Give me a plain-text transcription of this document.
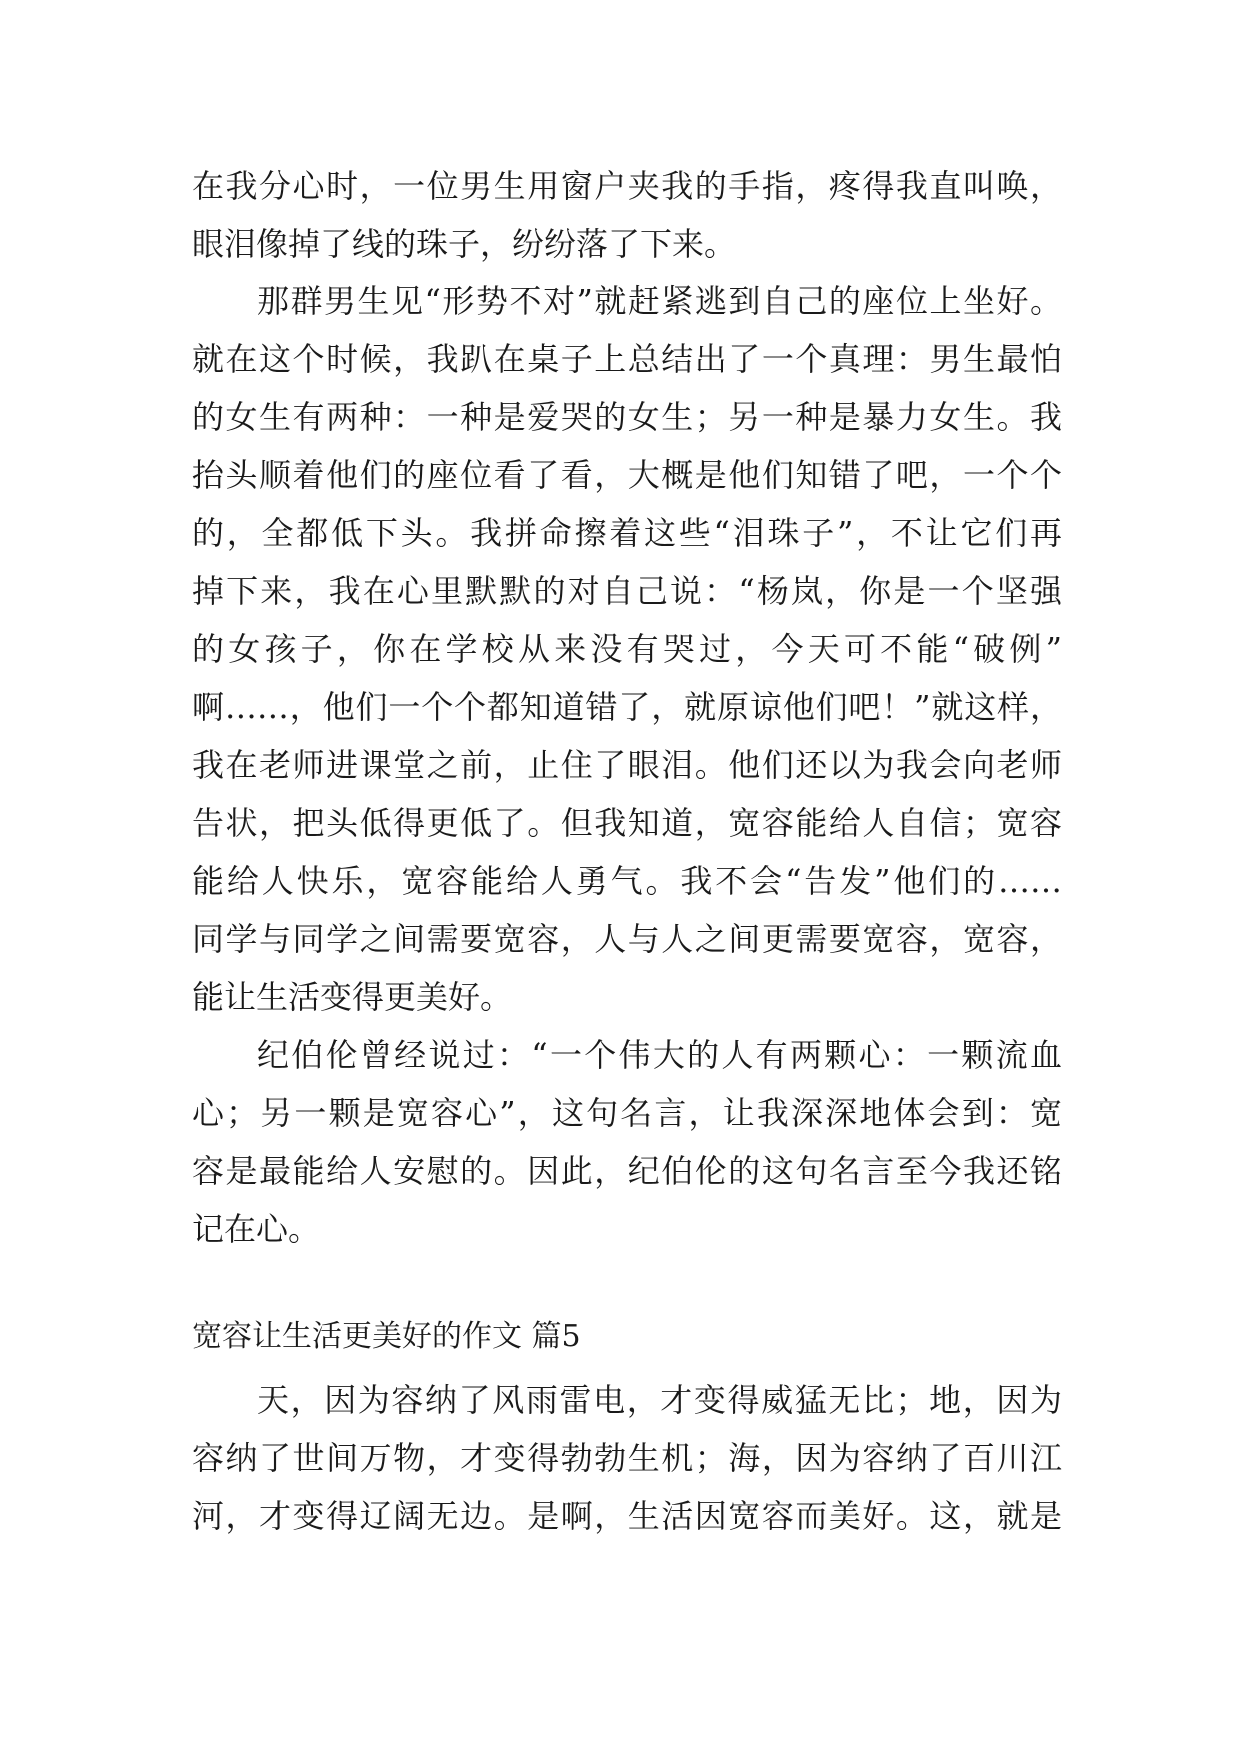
在我分心时，一位男生用窗户夹我的手指，疼得我直叫唤，
眼泪像掉了线的珠子，纷纷落了下来。
那群男生见“形势不对”就赶紧逃到自己的座位上坐好。
就在这个时候，我趴在桌子上总结出了一个真理：男生最怕
的女生有两种：一种是爱哭的女生；另一种是暴力女生。我
抬头顺着他们的座位看了看，大概是他们知错了吧，一个个
的，全都低下头。我拼命擦着这些“泪珠子”，不让它们再
掉下来，我在心里默默的对自己说：“杨岚，你是一个坚强
的女孩子，你在学校从来没有哭过，今天可不能“破例”
啊……，他们一个个都知道错了，就原谅他们吧！”就这样，
我在老师进课堂之前，止住了眼泪。他们还以为我会向老师
告状，把头低得更低了。但我知道，宽容能给人自信；宽容
能给人快乐，宽容能给人勇气。我不会“告发”他们的……
同学与同学之间需要宽容，人与人之间更需要宽容，宽容，
能让生活变得更美好。
纪伯伦曾经说过：“一个伟大的人有两颗心：一颗流血
心；另一颗是宽容心”，这句名言，让我深深地体会到：宽
容是最能给人安慰的。因此，纪伯伦的这句名言至今我还铭
记在心。
宽容让生活更美好的作文 篇5
天，因为容纳了风雨雷电，才变得威猛无比；地，因为
容纳了世间万物，才变得勃勃生机；海，因为容纳了百川江
河，才变得辽阔无边。是啊，生活因宽容而美好。这，就是
